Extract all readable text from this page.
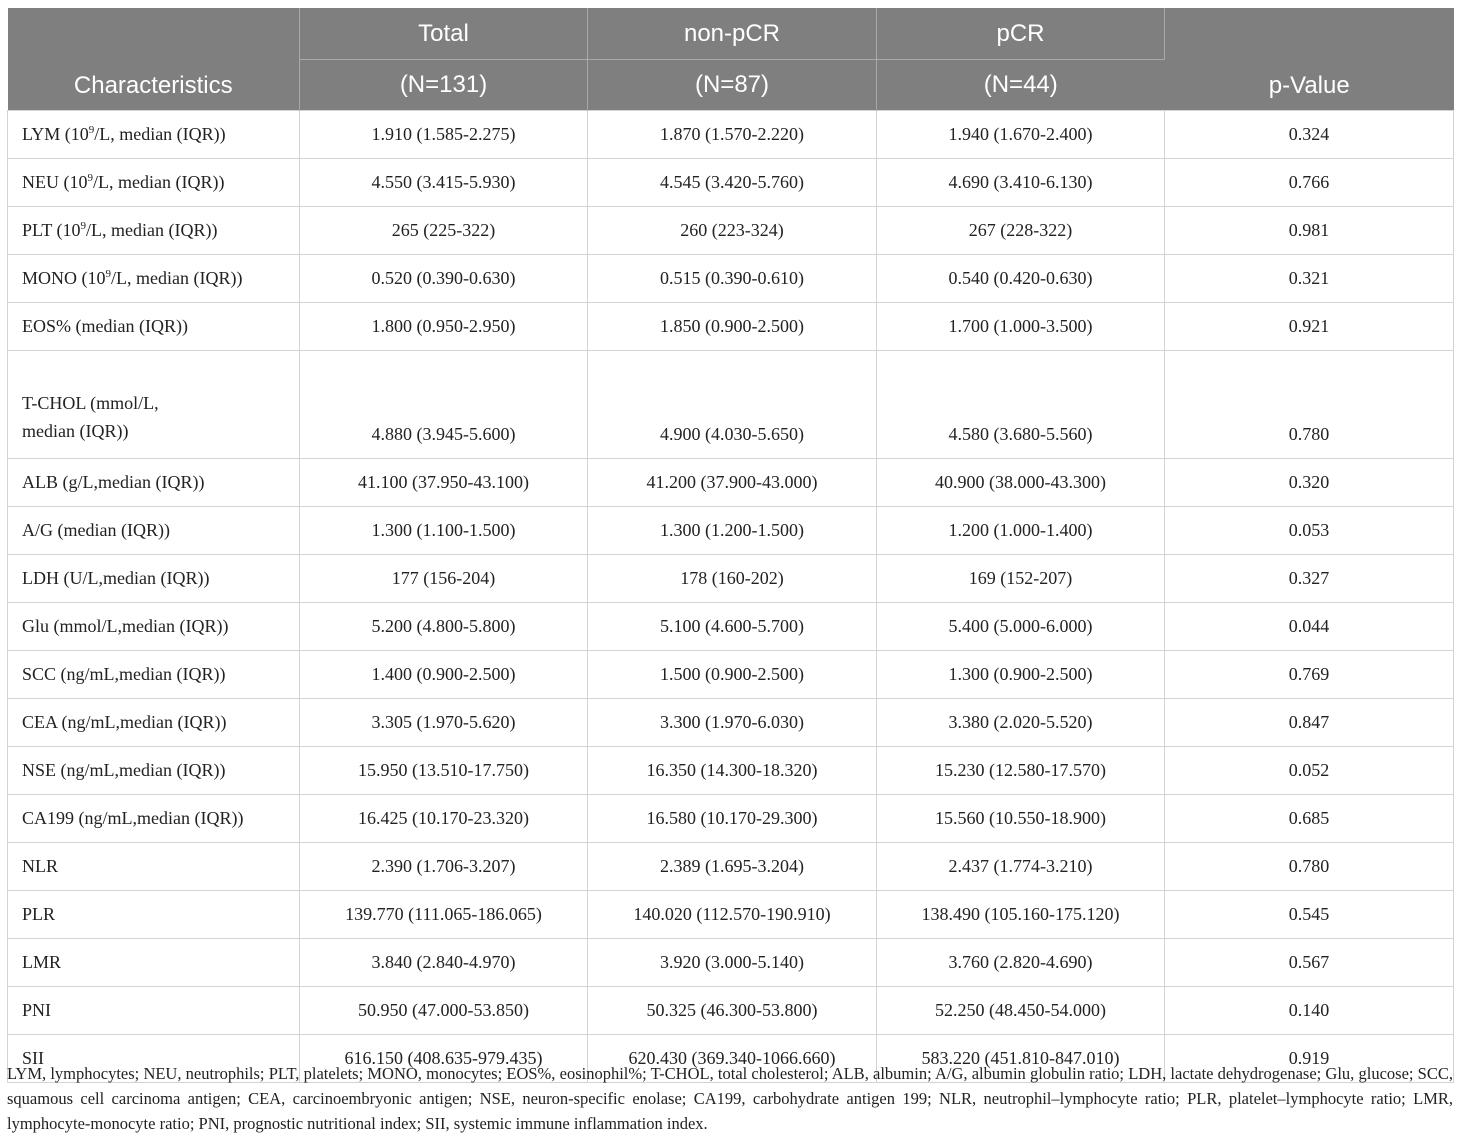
Characteristics	Total	non-pCR	pCR	p-Value
	(N=131)	(N=87)	(N=44)	
LYM ($10^9/L$, median (IQR))	1.910 (1.585-2.275)	1.870 (1.570-2.220)	1.940 (1.670-2.400)	0.324
NEU ($10^9/L$, median (IQR))	4.550 (3.415-5.930)	4.545 (3.420-5.760)	4.690 (3.410-6.130)	0.766
PLT ($10^9/L$, median (IQR))	265 (225-322)	260 (223-324)	267 (228-322)	0.981
MONO ($10^9/L$, median (IQR))	0.520 (0.390-0.630)	0.515 (0.390-0.610)	0.540 (0.420-0.630)	0.321
EOS% (median (IQR))	1.800 (0.950-2.950)	1.850 (0.900-2.500)	1.700 (1.000-3.500)	0.921
T-CHOL (mmol/L,
median (IQR))	4.880 (3.945-5.600)	4.900 (4.030-5.650)	4.580 (3.680-5.560)	0.780
ALB (g/L,median (IQR))	41.100 (37.950-43.100)	41.200 (37.900-43.000)	40.900 (38.000-43.300)	0.320
A/G (median (IQR))	1.300 (1.100-1.500)	1.300 (1.200-1.500)	1.200 (1.000-1.400)	0.053
LDH (U/L,median (IQR))	177 (156-204)	178 (160-202)	169 (152-207)	0.327
Glu (mmol/L,median (IQR))	5.200 (4.800-5.800)	5.100 (4.600-5.700)	5.400 (5.000-6.000)	0.044
SCC (ng/mL,median (IQR))	1.400 (0.900-2.500)	1.500 (0.900-2.500)	1.300 (0.900-2.500)	0.769
CEA (ng/mL,median (IQR))	3.305 (1.970-5.620)	3.300 (1.970-6.030)	3.380 (2.020-5.520)	0.847
NSE (ng/mL,median (IQR))	15.950 (13.510-17.750)	16.350 (14.300-18.320)	15.230 (12.580-17.570)	0.052
CA199 (ng/mL,median (IQR))	16.425 (10.170-23.320)	16.580 (10.170-29.300)	15.560 (10.550-18.900)	0.685
NLR	2.390 (1.706-3.207)	2.389 (1.695-3.204)	2.437 (1.774-3.210)	0.780
PLR	139.770 (111.065-186.065)	140.020 (112.570-190.910)	138.490 (105.160-175.120)	0.545
LMR	3.840 (2.840-4.970)	3.920 (3.000-5.140)	3.760 (2.820-4.690)	0.567
PNI	50.950 (47.000-53.850)	50.325 (46.300-53.800)	52.250 (48.450-54.000)	0.140
SII	616.150 (408.635-979.435)	620.430 (369.340-1066.660)	583.220 (451.810-847.010)	0.919
LYM, lymphocytes; NEU, neutrophils; PLT, platelets; MONO, monocytes; EOS%, eosinophil%; T-CHOL, total cholesterol; ALB, albumin; A/G, albumin globulin ratio; LDH, lactate dehydrogenase; Glu, glucose; SCC, squamous cell carcinoma antigen; CEA, carcinoembryonic antigen; NSE, neuron-specific enolase; CA199, carbohydrate antigen 199; NLR, neutrophil–lymphocyte ratio; PLR, platelet–lymphocyte ratio; LMR, lymphocyte-monocyte ratio; PNI, prognostic nutritional index; SII, systemic immune inflammation index.
